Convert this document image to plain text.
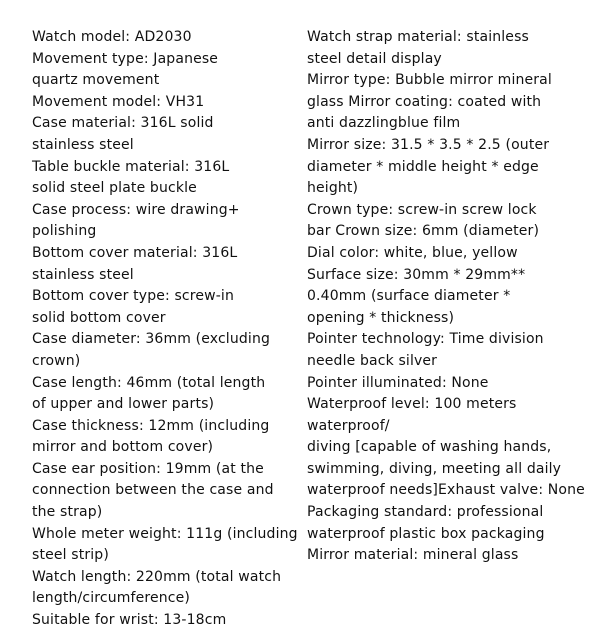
Watch model: AD2030
Movement type: Japanese
quartz movement
Movement model: VH31
Case material: 316L solid
stainless steel
Table buckle material: 316L
solid steel plate buckle
Case process: wire drawing+
polishing
Bottom cover material: 316L
stainless steel
Bottom cover type: screw-in
solid bottom cover
Case diameter: 36mm (excluding
crown)
Case length: 46mm (total length
of upper and lower parts)
Case thickness: 12mm (including
mirror and bottom cover)
Case ear position: 19mm (at the
connection between the case and
the strap)
Whole meter weight: 111g (including
steel strip)
Watch length: 220mm (total watch
length/circumference)
Suitable for wrist: 13-18cm
Watch strap material: stainless
steel detail display
Mirror type: Bubble mirror mineral
glass Mirror coating: coated with
anti dazzlingblue film
Mirror size: 31.5 * 3.5 * 2.5 (outer
diameter * middle height * edge
height)
Crown type: screw-in screw lock
bar Crown size: 6mm (diameter)
Dial color: white, blue, yellow
Surface size: 30mm * 29mm**
0.40mm (surface diameter *
opening * thickness)
Pointer technology: Time division
needle back silver
Pointer illuminated: None
Waterproof level: 100 meters
waterproof/
diving [capable of washing hands,
swimming, diving, meeting all daily
waterproof needs]Exhaust valve: None
Packaging standard: professional
waterproof plastic box packaging
Mirror material: mineral glass
